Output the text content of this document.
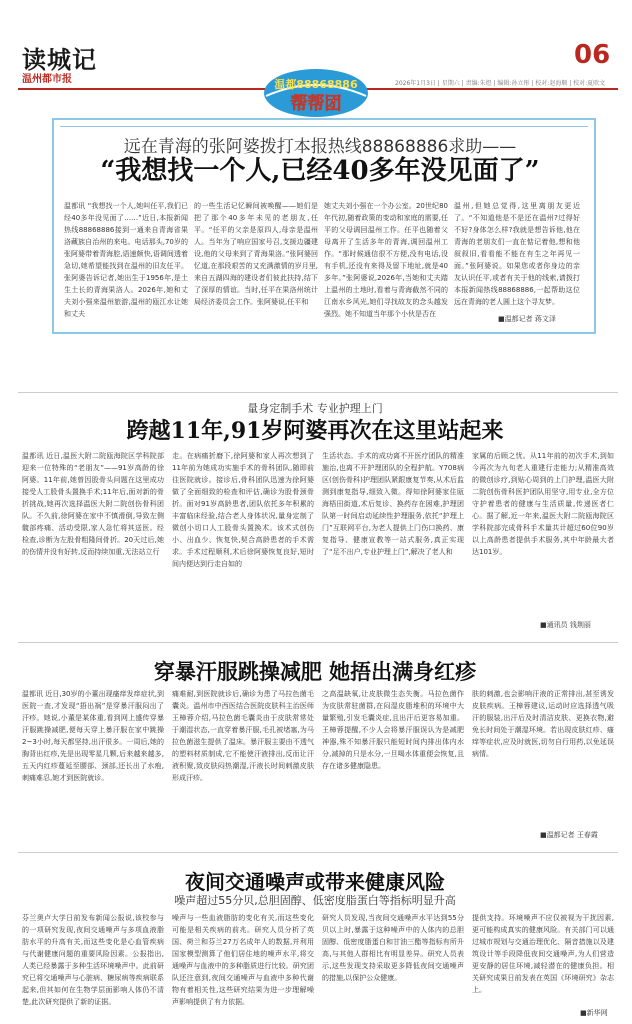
读城记
温州都市报
06
2026年1月3日 | 星期六 | 责编:朱煜 | 编辑:孙立彤 | 校对:赵海顺 | 校对:夏欧文
温都88868886
帮帮团
远在青海的张阿婆拨打本报热线88868886求助——
“我想找一个人,已经40多年没见面了”
温都讯 “我想找一个人,她叫任平,我们已经40多年没见面了……”近日,本报新闻热线88868886接到一通来自青海省果洛藏族自治州的来电。电话那头,70岁的张阿婆带着青海腔,语速颇快,语调间透着急切,她希望能找到在温州的旧友任平。张阿婆告诉记者,她出生于1956年,是土生土长的青海果洛人。2026年,她和丈夫刘小强来温州旅游,温州的瓯江水让她和丈夫
的一些生活记忆瞬间被唤醒——她们是把了那个40多年未见的老朋友,任平。“任平的父亲是原四人,母亲是温州人。当年为了响应国家号召,支援边疆建设,他的父母来到了青海果洛。”张阿婆回忆道,在那段艰苦的又充满激情的岁月里,来自五湖四海的建设者们彼此扶持,结下了深厚的情谊。当时,任平在果洛州统计局经济委员会工作。张阿婆说,任平和
她丈夫刘小强在一个办公室。20世纪80年代初,随着政策的变动和家庭的需要,任平的父母调回温州工作。任平也随着父母离开了生活多年的青海,调回温州工作。“那时候通信很不方便,没有电话,没有手机,还没有来得及留下地址,就是40多年。”张阿婆说,2026年,当她和丈夫踏上温州的土地时,看着与青海截然不同的江南水乡风光,她们寻找故友的念头越发强烈。她不知道当年那个小伙是否在
温州,但她总觉得,这里离朋友更近了。“不知道他是不是还在温州?过得好不好?身体怎么样?我就是想告诉他,他在青海的老朋友们一直在惦记着他,想和他叙叙旧,看看能不能在有生之年再见一面。”张阿婆说。如果您或者你身边的亲友认识任平,或者有关于他的线索,请拨打本报新闻热线88868886,一起帮助这位远在青海的老人圆上这个寻友梦。
■温都记者 蒋文泽
量身定制手术 专业护理上门
跨越11年,91岁阿婆再次在这里站起来
温都讯 近日,温医大附二院瓯海院区学科院部迎来一位特殊的“老朋友”——91岁高龄的徐阿婆。11年前,她曾因股骨头问题在这里成功接受人工股骨头置换手术;11年后,面对新的骨折挑战,她再次选择温医大附二院创伤骨科团队。不久前,徐阿婆在家中不慎滑倒,导致左侧髋部疼痛、活动受限,家人急忙将其送医。经检查,诊断为左股骨粗隆间骨折。20天过后,她的伤情并没有好转,反而持续加重,无法站立行
走。在病痛折磨下,徐阿婆和家人再次想到了11年前为她成功实施手术的骨科团队,随即前往医院就诊。接诊后,骨科团队迅速为徐阿婆做了全面细致的检查和评估,确诊为股骨颈骨折。面对91岁高龄患者,团队依托多年积累的丰富临床经验,结合老人身体状况,量身定制了微创小切口人工股骨头置换术。该术式创伤小、出血少、恢复快,契合高龄患者的手术需求。手术过程顺利,术后徐阿婆恢复良好,短时间内便达到行走自如的
生活状态。手术的成功离不开医疗团队的精准施治,也离不开护理团队的全程护航。Y708病区(创伤骨科)护理团队紧跟康复节奏,从术后监测到康复指导,细致入微。得知徐阿婆家住瓯海梧田街道,术后复诊、换药存在困难,护理团队第一时间启动延续性护理服务,依托“护理上门”互联网平台,为老人提供上门伤口换药、康复指导、健康宣教等一站式服务,真正实现了“足不出户,专业护理上门”,解决了老人和
家属的后顾之忧。从11年前的初次手术,到如今再次为九旬老人重建行走能力;从精准高效的微创诊疗,到贴心周到的上门护理,温医大附二院创伤骨科医护团队用坚守,用专业,全方位守护着患者的健康与生活质量,传递医者仁心。据了解,近一年来,温医大附二院瓯海院区学科院部完成骨科手术量共计超过60位90岁以上高龄患者提供手术服务,其中年龄最大者达101岁。
■通讯员 钱荆丽
穿暴汗服跳操减肥 她捂出满身红疹
温都讯 近日,30岁的小董出现瘙痒发痒症状,到医院一查,才发现“捂出祸”是穿暴汗服闷出了汗疹。她说,小董是某体重,看到网上盛传穿暴汗服跳操减肥,便每天穿上暴汗服在家中跳操2~3小时,每天都坚持,出汗很多。一周后,她的胸背出红疹,先是出现零星几颗,后来越来越多,五天内红疹蔓延至腰部、颈部,还长出了水疱,刺痛难忍,她才到医院就诊。
痛难耐,到医院就诊后,确诊为患了马拉色菌毛囊炎。温州市中西医结合医院皮肤科主治医师王樟蓉介绍,马拉色菌毛囊炎由于皮肤常常处于潮湿状态,一直穿着暴汗服,毛孔被堵塞,为马拉色菌滋生提供了温床。暴汗服主要由不透气的塑料材质制成,它不能使汗液排出,反而让汗液积聚,致皮肤闷热潮湿,汗液长时间刺激皮肤形成汗疹。
之高温缺氧,让皮肤微生态失衡。马拉色菌作为皮肤常驻菌群,在闷湿皮脂堆积的环境中大量繁殖,引发毛囊炎症,且出汗后更容易加重。王樟蓉提醒,不少人会将暴汗服误认为是减肥神器,殊不知暴汗服只能短时间内排出体内水分,减掉的只是水分,一旦喝水体重便会恢复,且存在诸多健康隐患。
肤的刺激,也会影响汗液的正常排出,甚至诱发皮肤疾病。王樟蓉建议,运动时应选择透气吸汗的服装,出汗后及时清洁皮肤、更换衣物,避免长时间处于潮湿环境。若出现皮肤红疹、瘙痒等症状,应及时就医,切勿自行用药,以免延误病情。
■温都记者 王春霞
夜间交通噪声或带来健康风险
噪声超过55分贝,总胆固醇、低密度脂蛋白等指标明显升高
芬兰奥卢大学日前发布新闻公报说,该校参与的一项研究发现,夜间交通噪声与多项血液脂肪水平的升高有关,而这些变化是心血管疾病与代谢健康问题的重要风险因素。公报指出,人类已经暴露于多种生活环境噪声中。此前研究已将交通噪声与心脏病、糖尿病等疾病联系起来,但其如何在生物学层面影响人体仍不清楚,此次研究提供了新的证据。
噪声与一些血液脂肪的变化有关,而这些变化可能是相关疾病的前兆。研究人员分析了英国、荷兰和芬兰27万名成年人的数据,并利用国家模型测算了他们居住地的噪声水平,将交通噪声与血液中的多种脂质进行比较。研究团队还注意到,夜间交通噪声与血液中多种代谢物有着相关性,这些研究结果为进一步理解噪声影响提供了有力依据。
研究人员发现,当夜间交通噪声水平达到55分贝以上时,暴露于这种噪声中的人体内的总胆固醇、低密度脂蛋白和甘油三酯等指标有所升高,与其他人群相比有明显差异。研究人员表示,这些发现支持采取更多降低夜间交通噪声的措施,以保护公众健康。
提供支持。环境噪声不应仅被视为干扰因素,更可能构成真实的健康风险。有关部门可以通过城市规划与交通治理优化、隔音措施以及建筑设计等手段降低夜间交通噪声,为人们营造更安静的居住环境,减轻潜在的健康负担。相关研究成果日前发表在英国《环境研究》杂志上。
■新华网
